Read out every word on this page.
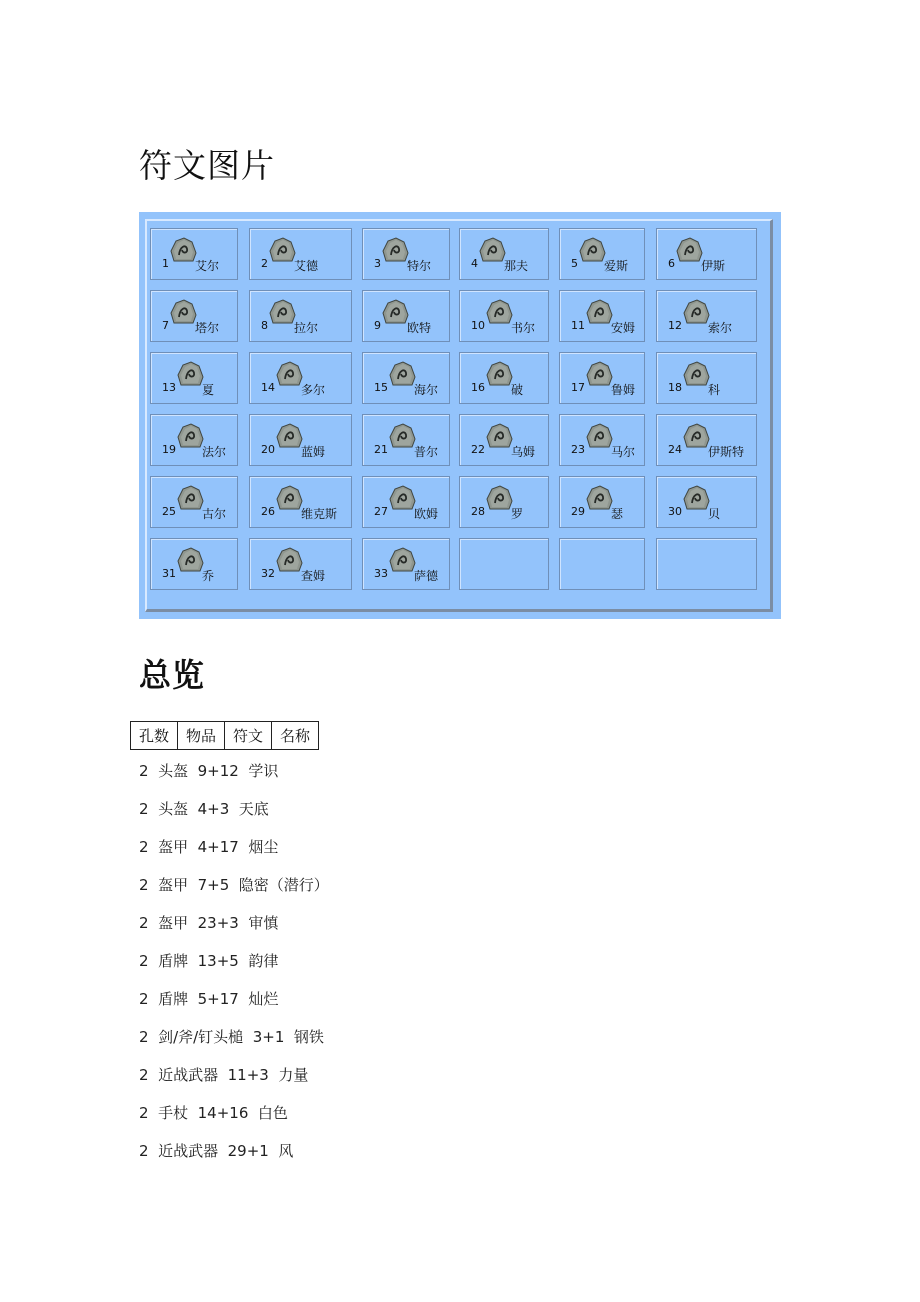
符文图片
1 艾尔	2 艾德	3 特尔	4 那夫	5 爱斯	6 伊斯
7 塔尔	8 拉尔	9 欧特	10 书尔	11 安姆	12 索尔
13 夏	14 多尔	15 海尔	16 破	17 鲁姆	18 科
19 法尔	20 蓝姆	21 普尔	22 乌姆	23 马尔	24 伊斯特
25 古尔	26 维克斯	27 欧姆	28 罗	29 瑟	30 贝
31 乔	32 查姆	33 萨德
总览
孔数	物品	符文	名称
2  头盔  9+12  学识
2  头盔  4+3  天底
2  盔甲  4+17  烟尘
2  盔甲  7+5  隐密（潜行）
2  盔甲  23+3  审慎
2  盾牌  13+5  韵律
2  盾牌  5+17  灿烂
2  剑/斧/钉头槌  3+1  钢铁
2  近战武器  11+3  力量
2  手杖  14+16  白色
2  近战武器  29+1  风
